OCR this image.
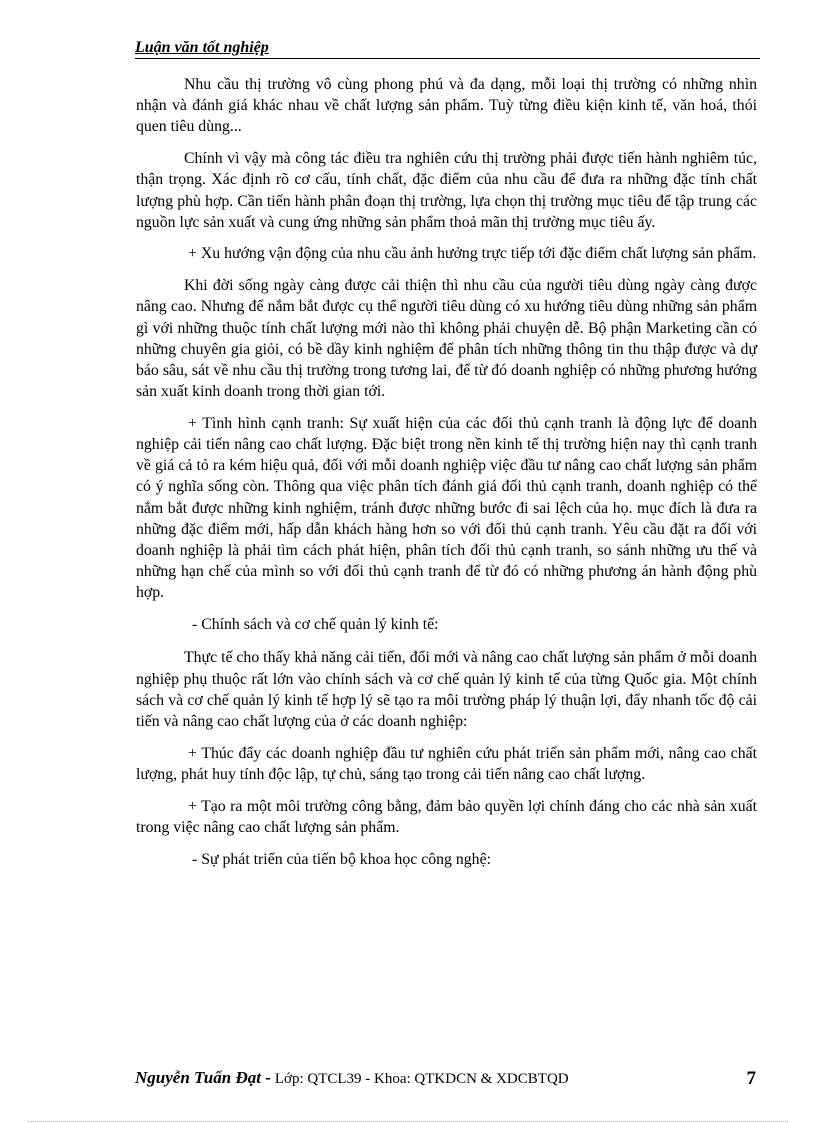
Luận văn tốt nghiệp

Nhu cầu thị trường vô cùng phong phú và đa dạng, mỗi loại thị trường có những nhìn nhận và đánh giá khác nhau về chất lượng sản phẩm. Tuỳ từng điều kiện kinh tế, văn hoá, thói quen tiêu dùng...

Chính vì vậy mà công tác điều tra nghiên cứu thị trường phải được tiến hành nghiêm túc, thận trọng. Xác định rõ cơ cấu, tính chất, đặc điểm của nhu cầu để đưa ra những đặc tính chất lượng phù hợp. Cần tiến hành phân đoạn thị trường, lựa chọn thị trường mục tiêu để tập trung các nguồn lực sản xuất và cung ứng những sản phẩm thoả mãn thị trường mục tiêu ấy.

+ Xu hướng vận động của nhu cầu ảnh hưởng trực tiếp tới đặc điểm chất lượng sản phẩm.

Khi đời sống ngày càng được cải thiện thì nhu cầu của người tiêu dùng ngày càng được nâng cao. Nhưng để nắm bắt được cụ thể người tiêu dùng có xu hướng tiêu dùng những sản phẩm gì với những thuộc tính chất lượng mới nào thì không phải chuyện dễ. Bộ phận Marketing cần có những chuyên gia giỏi, có bề dầy kinh nghiệm để phân tích những thông tin thu thập được và dự báo sâu, sát về nhu cầu thị trường trong tương lai, để từ đó doanh nghiệp có những phương hướng sản xuất kinh doanh trong thời gian tới.

+ Tình hình cạnh tranh: Sự xuất hiện của các đối thủ cạnh tranh là động lực để doanh nghiệp cải tiến nâng cao chất lượng. Đặc biệt trong nền kinh tế thị trường hiện nay thì cạnh tranh về giá cả tỏ ra kém hiệu quả, đối với mỗi doanh nghiệp việc đầu tư nâng cao chất lượng sản phẩm có ý nghĩa sống còn. Thông qua việc phân tích đánh giá đối thủ cạnh tranh, doanh nghiệp có thể nắm bắt được những kinh nghiệm, tránh được những bước đi sai lệch của họ. mục đích là đưa ra những đặc điểm mới, hấp dẫn khách hàng hơn so với đối thủ cạnh tranh. Yêu cầu đặt ra đối với doanh nghiệp là phải tìm cách phát hiện, phân tích đối thủ cạnh tranh, so sánh những ưu thế và những hạn chế của mình so với đối thủ cạnh tranh để từ đó có những phương án hành động phù hợp.

- Chính sách và cơ chế quản lý kinh tế:

Thực tế cho thấy khả năng cải tiến, đổi mới và nâng cao chất lượng sản phẩm ở mỗi doanh nghiệp phụ thuộc rất lớn vào chính sách và cơ chế quản lý kinh tế của từng Quốc gia. Một chính sách và cơ chế quản lý kinh tế hợp lý sẽ tạo ra môi trường pháp lý thuận lợi, đẩy nhanh tốc độ cải tiến và nâng cao chất lượng của ở các doanh nghiệp:

+ Thúc đẩy các doanh nghiệp đầu tư nghiên cứu phát triển sản phẩm mới, nâng cao chất lượng, phát huy tính độc lập, tự chủ, sáng tạo trong cải tiến nâng cao chất lượng.

+ Tạo ra một môi trường công bằng, đảm bảo quyền lợi chính đáng cho các nhà sản xuất trong việc nâng cao chất lượng sản phẩm.

- Sự phát triển của tiến bộ khoa học công nghệ:

Nguyễn Tuấn Đạt - Lớp: QTCL39 - Khoa: QTKDCN & XDCBTQD	7
